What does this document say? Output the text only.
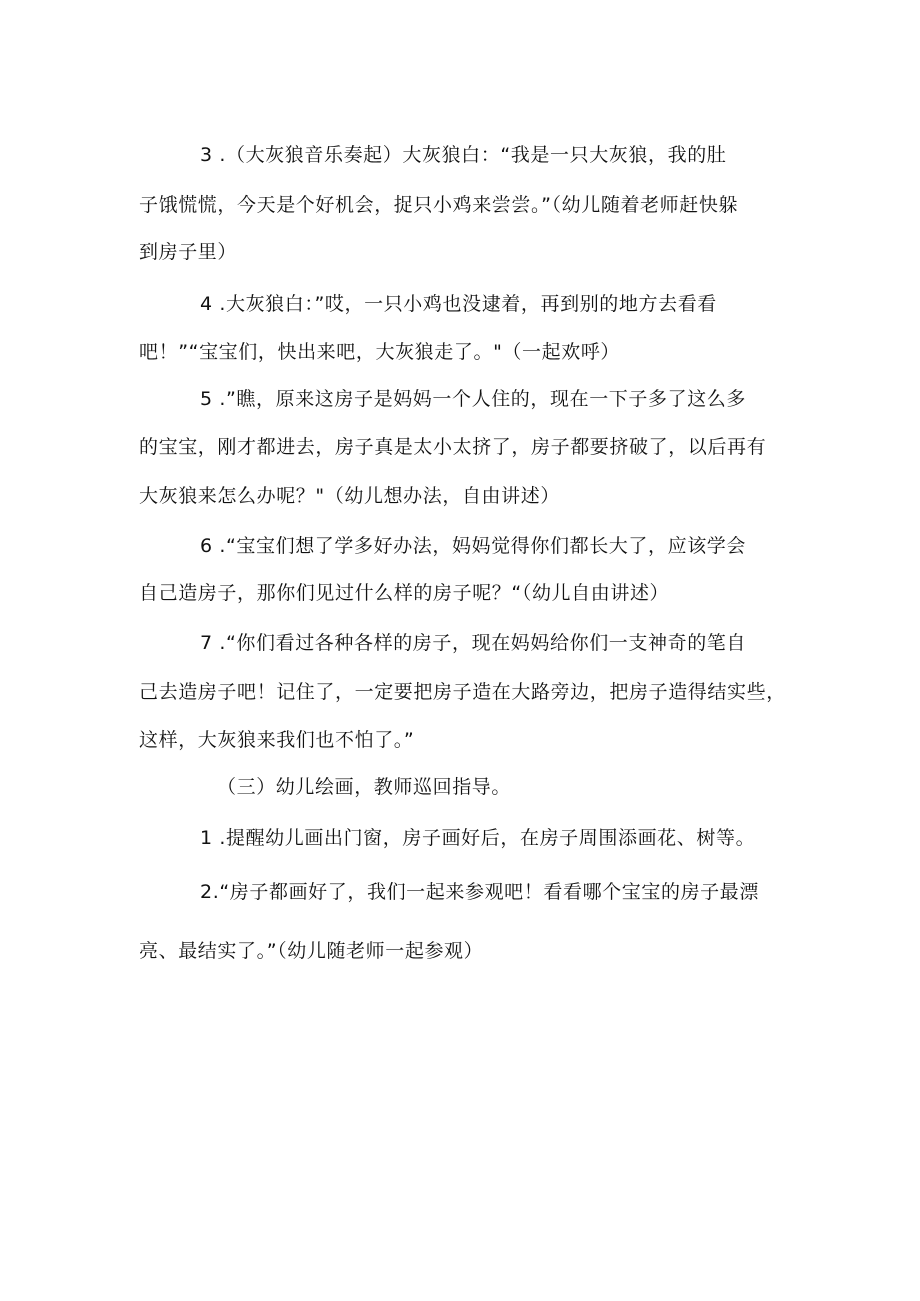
3 .（大灰狼音乐奏起）大灰狼白：“我是一只大灰狼，我的肚
子饿慌慌，今天是个好机会，捉只小鸡来尝尝。”（幼儿随着老师赶快躲
到房子里）
4 .大灰狼白：”哎，一只小鸡也没逮着，再到别的地方去看看
吧！”“宝宝们，快出来吧，大灰狼走了。"（一起欢呼）
5 .”瞧，原来这房子是妈妈一个人住的，现在一下子多了这么多
的宝宝，刚才都进去，房子真是太小太挤了，房子都要挤破了，以后再有
大灰狼来怎么办呢？"（幼儿想办法，自由讲述）
6 .“宝宝们想了学多好办法，妈妈觉得你们都长大了，应该学会
自己造房子，那你们见过什么样的房子呢？“（幼儿自由讲述）
7 .“你们看过各种各样的房子，现在妈妈给你们一支神奇的笔自
己去造房子吧！记住了，一定要把房子造在大路旁边，把房子造得结实些，
这样，大灰狼来我们也不怕了。”
（三）幼儿绘画，教师巡回指导。
1 .提醒幼儿画出门窗，房子画好后，在房子周围添画花、树等。
2.“房子都画好了，我们一起来参观吧！看看哪个宝宝的房子最漂
亮、最结实了。”（幼儿随老师一起参观）
